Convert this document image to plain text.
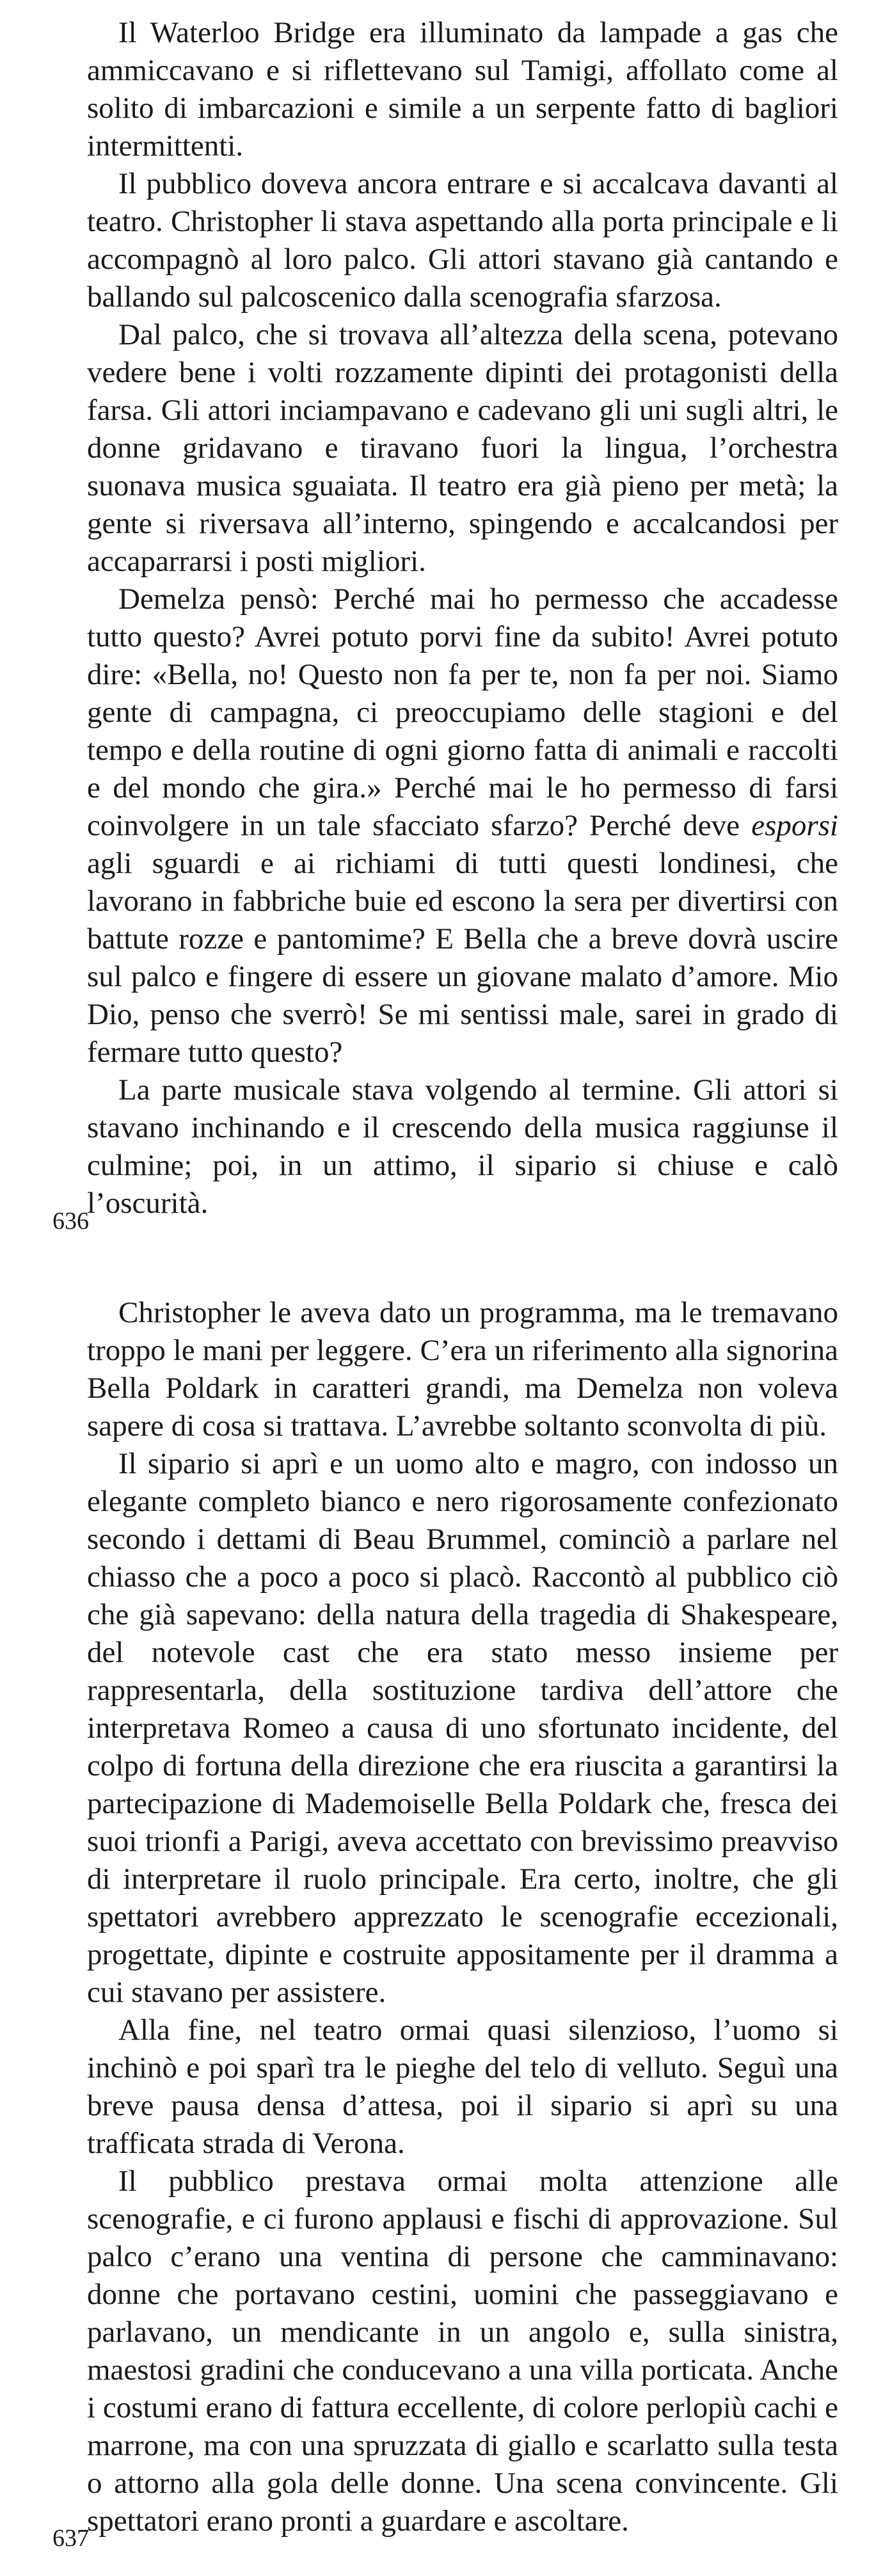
Il Waterloo Bridge era illuminato da lampade a gas che ammiccavano e si riflettevano sul Tamigi, affollato come al solito di imbarcazioni e simile a un serpente fatto di bagliori intermittenti.

Il pubblico doveva ancora entrare e si accalcava davanti al teatro. Christopher li stava aspettando alla porta principale e li accompagnò al loro palco. Gli attori stavano già cantando e ballando sul palcoscenico dalla scenografia sfarzosa.

Dal palco, che si trovava all’altezza della scena, potevano vedere bene i volti rozzamente dipinti dei protagonisti della farsa. Gli attori inciampavano e cadevano gli uni sugli altri, le donne gridavano e tiravano fuori la lingua, l’orchestra suonava musica sguaiata. Il teatro era già pieno per metà; la gente si riversava all’interno, spingendo e accalcandosi per accaparrarsi i posti migliori.

Demelza pensò: Perché mai ho permesso che accadesse tutto questo? Avrei potuto porvi fine da subito! Avrei potuto dire: «Bella, no! Questo non fa per te, non fa per noi. Siamo gente di campagna, ci preoccupiamo delle stagioni e del tempo e della routine di ogni giorno fatta di animali e raccolti e del mondo che gira.» Perché mai le ho permesso di farsi coinvolgere in un tale sfacciato sfarzo? Perché deve esporsi agli sguardi e ai richiami di tutti questi londinesi, che lavorano in fabbriche buie ed escono la sera per divertirsi con battute rozze e pantomime? E Bella che a breve dovrà uscire sul palco e fingere di essere un giovane malato d’amore. Mio Dio, penso che sverrò! Se mi sentissi male, sarei in grado di fermare tutto questo?

La parte musicale stava volgendo al termine. Gli attori si stavano inchinando e il crescendo della musica raggiunse il culmine; poi, in un attimo, il sipario si chiuse e calò l’oscurità.

636

Christopher le aveva dato un programma, ma le tremavano troppo le mani per leggere. C’era un riferimento alla signorina Bella Poldark in caratteri grandi, ma Demelza non voleva sapere di cosa si trattava. L’avrebbe soltanto sconvolta di più.

Il sipario si aprì e un uomo alto e magro, con indosso un elegante completo bianco e nero rigorosamente confezionato secondo i dettami di Beau Brummel, cominciò a parlare nel chiasso che a poco a poco si placò. Raccontò al pubblico ciò che già sapevano: della natura della tragedia di Shakespeare, del notevole cast che era stato messo insieme per rappresentarla, della sostituzione tardiva dell’attore che interpretava Romeo a causa di uno sfortunato incidente, del colpo di fortuna della direzione che era riuscita a garantirsi la partecipazione di Mademoiselle Bella Poldark che, fresca dei suoi trionfi a Parigi, aveva accettato con brevissimo preavviso di interpretare il ruolo principale. Era certo, inoltre, che gli spettatori avrebbero apprezzato le scenografie eccezionali, progettate, dipinte e costruite appositamente per il dramma a cui stavano per assistere.

Alla fine, nel teatro ormai quasi silenzioso, l’uomo si inchinò e poi sparì tra le pieghe del telo di velluto. Seguì una breve pausa densa d’attesa, poi il sipario si aprì su una trafficata strada di Verona.

Il pubblico prestava ormai molta attenzione alle scenografie, e ci furono applausi e fischi di approvazione. Sul palco c’erano una ventina di persone che camminavano: donne che portavano cestini, uomini che passeggiavano e parlavano, un mendicante in un angolo e, sulla sinistra, maestosi gradini che conducevano a una villa porticata. Anche i costumi erano di fattura eccellente, di colore perlopiù cachi e marrone, ma con una spruzzata di giallo e scarlatto sulla testa o attorno alla gola delle donne. Una scena convincente. Gli spettatori erano pronti a guardare e ascoltare.

637
